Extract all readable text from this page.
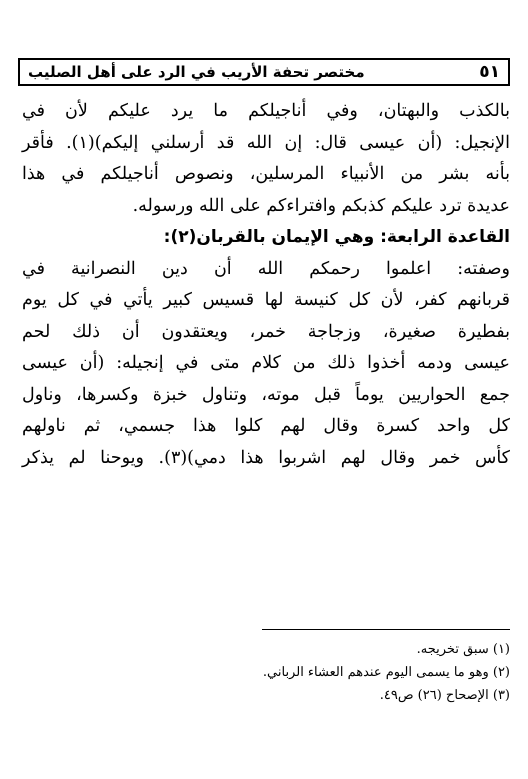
مختصر تحفة الأريب في الرد على أهل الصليب	٥١
بالكذب والبهتان، وفي أناجيلكم ما يرد عليكم لأن في
الإنجيل: (أن عيسى قال: إن الله قد أرسلني إليكم)(١). فأقر
بأنه بشر من الأنبياء المرسلين، ونصوص أناجيلكم في هذا
عديدة ترد عليكم كذبكم وافتراءكم على الله ورسوله.
القاعدة الرابعة: وهي الإيمان بالقربان(٢):
وصفته: اعلموا رحمكم الله أن دين النصرانية في
قربانهم كفر، لأن كل كنيسة لها قسيس كبير يأتي في كل يوم
بفطيرة صغيرة، وزجاجة خمر، ويعتقدون أن ذلك لحم
عيسى ودمه أخذوا ذلك من كلام متى في إنجيله: (أن عيسى
جمع الحواريين يوماً قبل موته، وتناول خبزة وكسرها، وناول
كل واحد كسرة وقال لهم كلوا هذا جسمي، ثم ناولهم
كأس خمر وقال لهم اشربوا هذا دمي)(٣). ويوحنا لم يذكر
(١) سبق تخريجه.
(٢) وهو ما يسمى اليوم عندهم العشاء الرباني.
(٣) الإصحاح (٢٦) ص٤٩.
